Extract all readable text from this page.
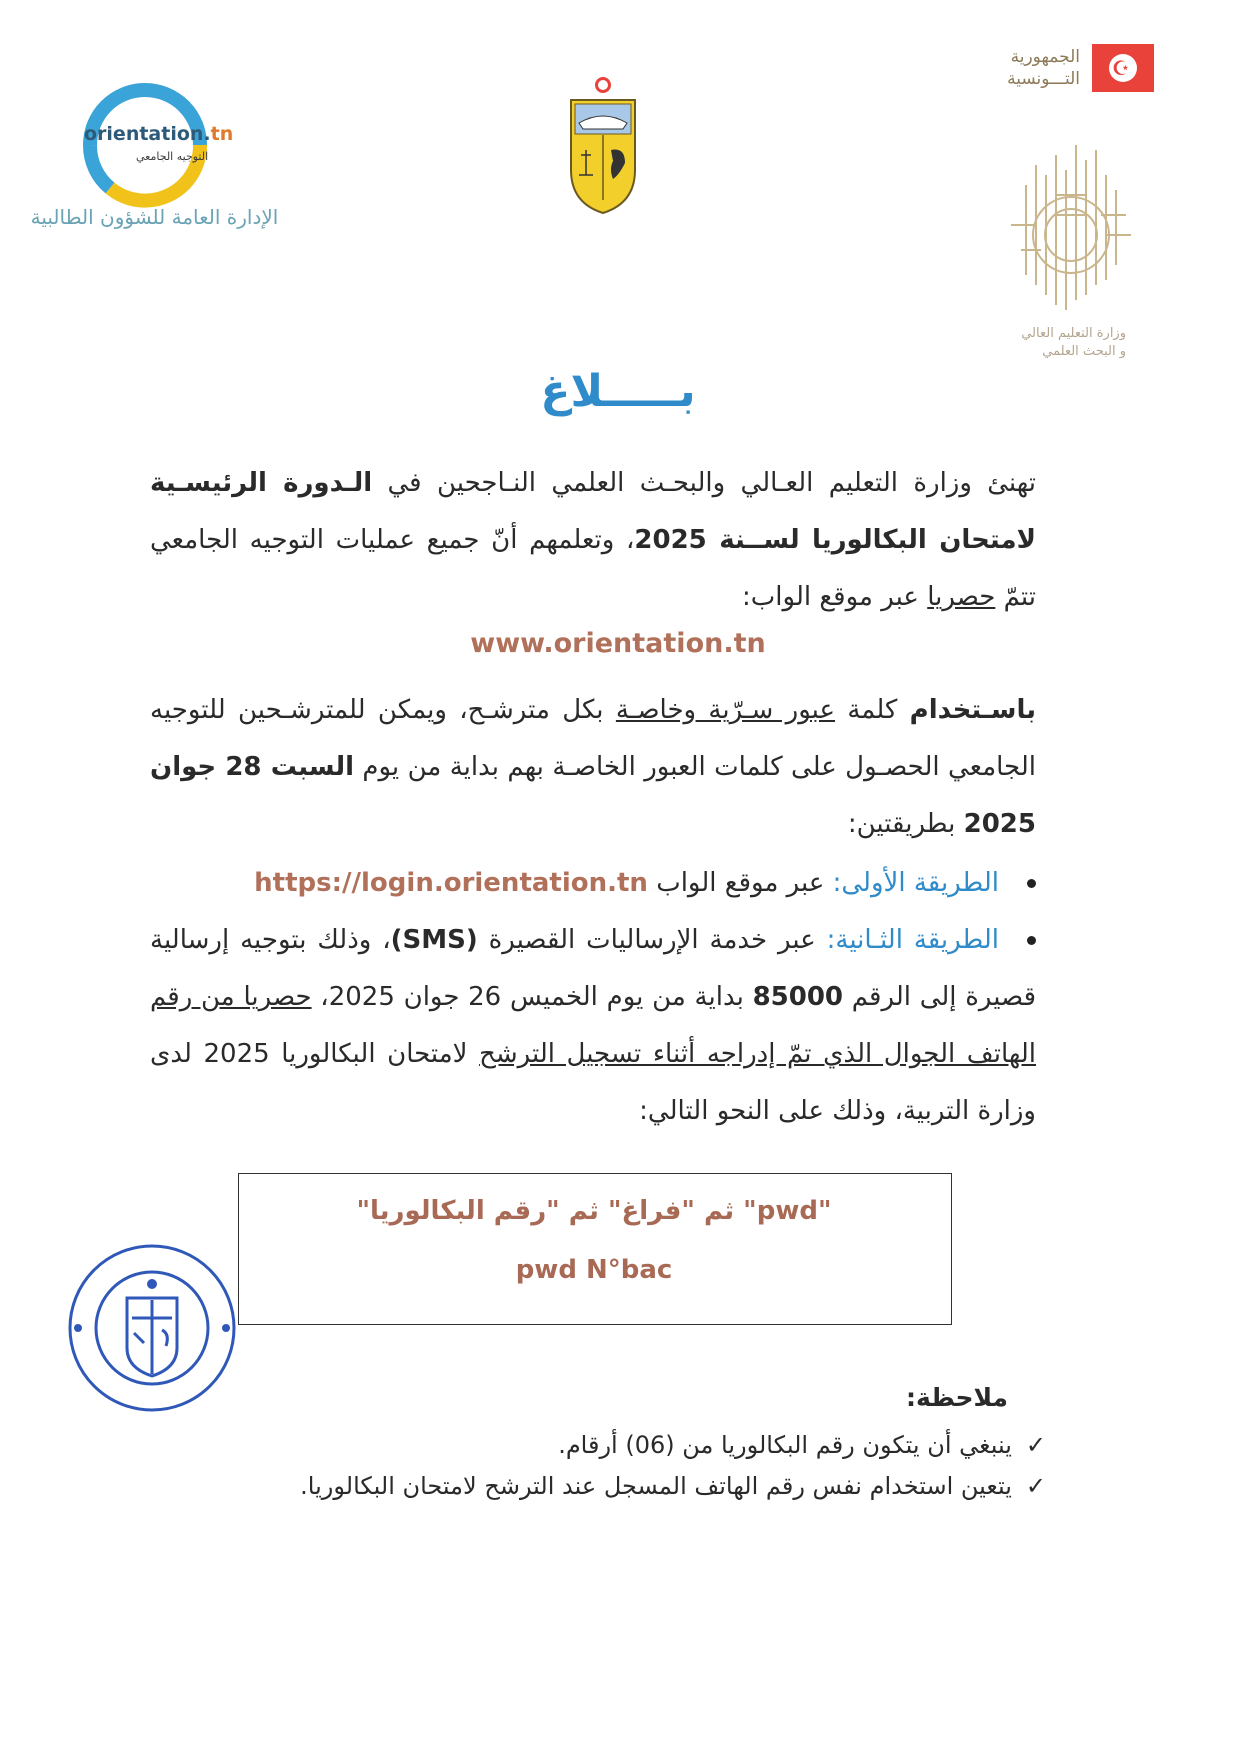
☪
الجمهورية
التـــونسية
وزارة التعليم العالي
و البحث العلمي
orientation.tn
التوجيه الجامعي
الإدارة العامة للشؤون الطالبية
بـــــلاغ
تهنئ وزارة التعليم العـالي والبحـث العلمي النـاجحين في الـدورة الرئيسـية لامتحان البكالوريا لســنة 2025، وتعلمهم أنّ جميع عمليات التوجيه الجامعي تتمّ حصريا عبر موقع الواب:
www.orientation.tn
باسـتخدام كلمة عبور سـرّية وخاصـة بكل مترشـح، ويمكن للمترشـحين للتوجيه الجامعي الحصـول على كلمات العبور الخاصـة بهم بداية من يوم السبت 28 جوان 2025 بطريقتين:
الطريقة الأولى: عبر موقع الواب https://login.orientation.tn
الطريقة الثـانية: عبر خدمة الإرساليات القصيرة (SMS)، وذلك بتوجيه إرسالية قصيرة إلى الرقم 85000 بداية من يوم الخميس 26 جوان 2025، حصريا من رقم الهاتف الجوال الذي تمّ إدراجه أثناء تسجيل الترشح لامتحان البكالوريا 2025 لدى وزارة التربية، وذلك على النحو التالي:
"pwd" ثم "فراغ" ثم "رقم البكالوريا"
pwd N°bac
ملاحظة:
✓ينبغي أن يتكون رقم البكالوريا من (06) أرقام.
✓يتعين استخدام نفس رقم الهاتف المسجل عند الترشح لامتحان البكالوريا.
